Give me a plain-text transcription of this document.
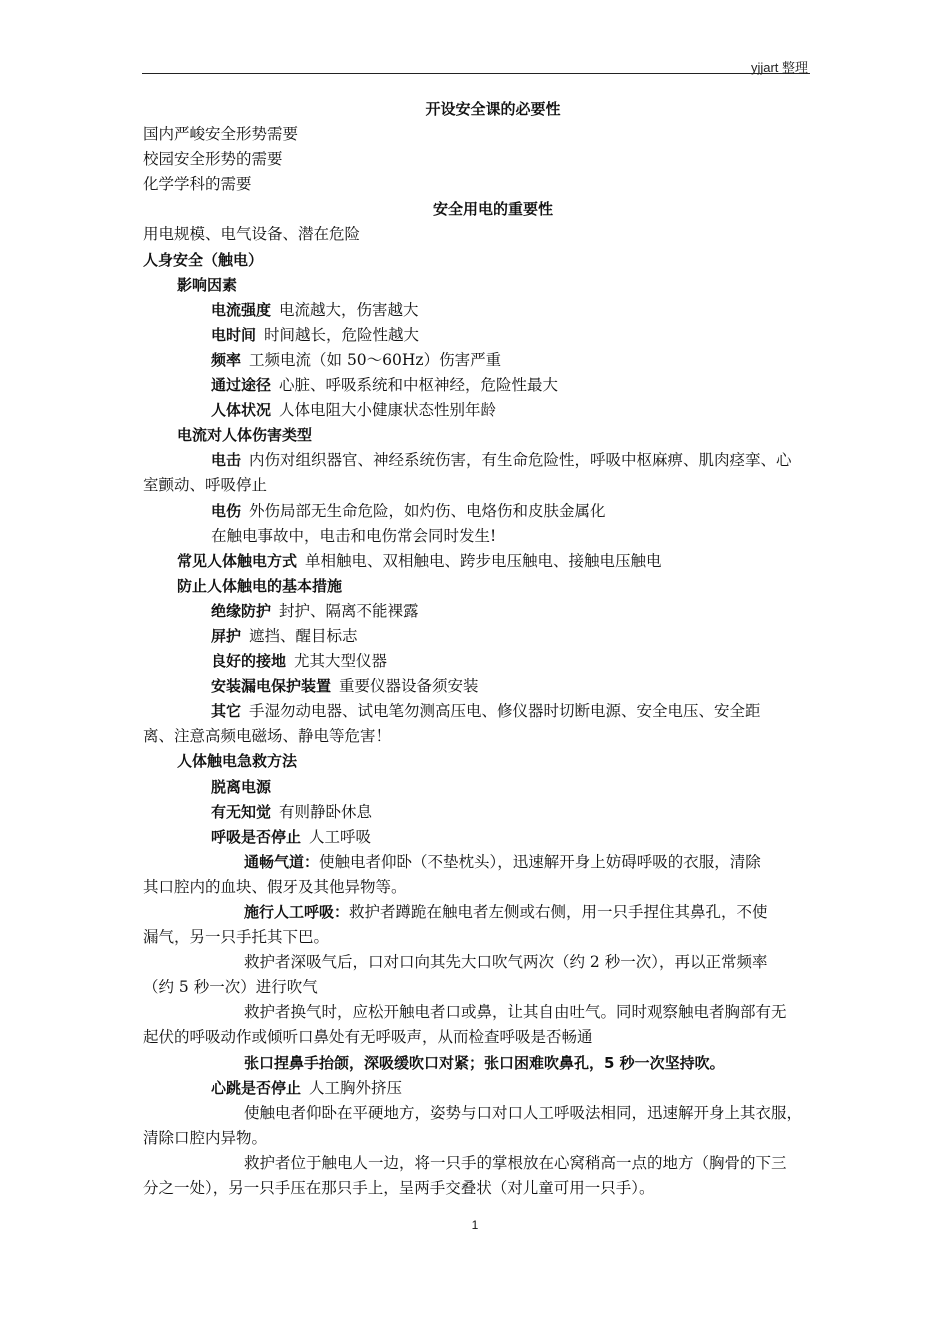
yjjart 整理
开设安全课的必要性
国内严峻安全形势需要
校园安全形势的需要
化学学科的需要
安全用电的重要性
用电规模、电气设备、潜在危险
人身安全（触电）
影响因素
电流强度 电流越大，伤害越大
电时间 时间越长，危险性越大
频率 工频电流（如 50～60Hz）伤害严重
通过途径 心脏、呼吸系统和中枢神经，危险性最大
人体状况 人体电阻大小健康状态性别年龄
电流对人体伤害类型
电击 内伤对组织器官、神经系统伤害，有生命危险性，呼吸中枢麻痹、肌肉痉挛、心
室颤动、呼吸停止
电伤 外伤局部无生命危险，如灼伤、电烙伤和皮肤金属化
在触电事故中，电击和电伤常会同时发生!
常见人体触电方式 单相触电、双相触电、跨步电压触电、接触电压触电
防止人体触电的基本措施
绝缘防护 封护、隔离不能裸露
屏护 遮挡、醒目标志
良好的接地 尤其大型仪器
安装漏电保护装置 重要仪器设备须安装
其它 手湿勿动电器、试电笔勿测高压电、修仪器时切断电源、安全电压、安全距
离、注意高频电磁场、静电等危害！
人体触电急救方法
脱离电源
有无知觉 有则静卧休息
呼吸是否停止 人工呼吸
通畅气道：使触电者仰卧（不垫枕头），迅速解开身上妨碍呼吸的衣服，清除
其口腔内的血块、假牙及其他异物等。
施行人工呼吸：救护者蹲跪在触电者左侧或右侧，用一只手捏住其鼻孔，不使
漏气，另一只手托其下巴。
救护者深吸气后，口对口向其先大口吹气两次（约 2 秒一次），再以正常频率
（约 5 秒一次）进行吹气
救护者换气时，应松开触电者口或鼻，让其自由吐气。同时观察触电者胸部有无
起伏的呼吸动作或倾听口鼻处有无呼吸声，从而检查呼吸是否畅通
张口捏鼻手抬颌，深吸缓吹口对紧；张口困难吹鼻孔，5 秒一次坚持吹。
心跳是否停止 人工胸外挤压
使触电者仰卧在平硬地方，姿势与口对口人工呼吸法相同，迅速解开身上其衣服，
清除口腔内异物。
救护者位于触电人一边，将一只手的掌根放在心窝稍高一点的地方（胸骨的下三
分之一处），另一只手压在那只手上，呈两手交叠状（对儿童可用一只手）。
1
